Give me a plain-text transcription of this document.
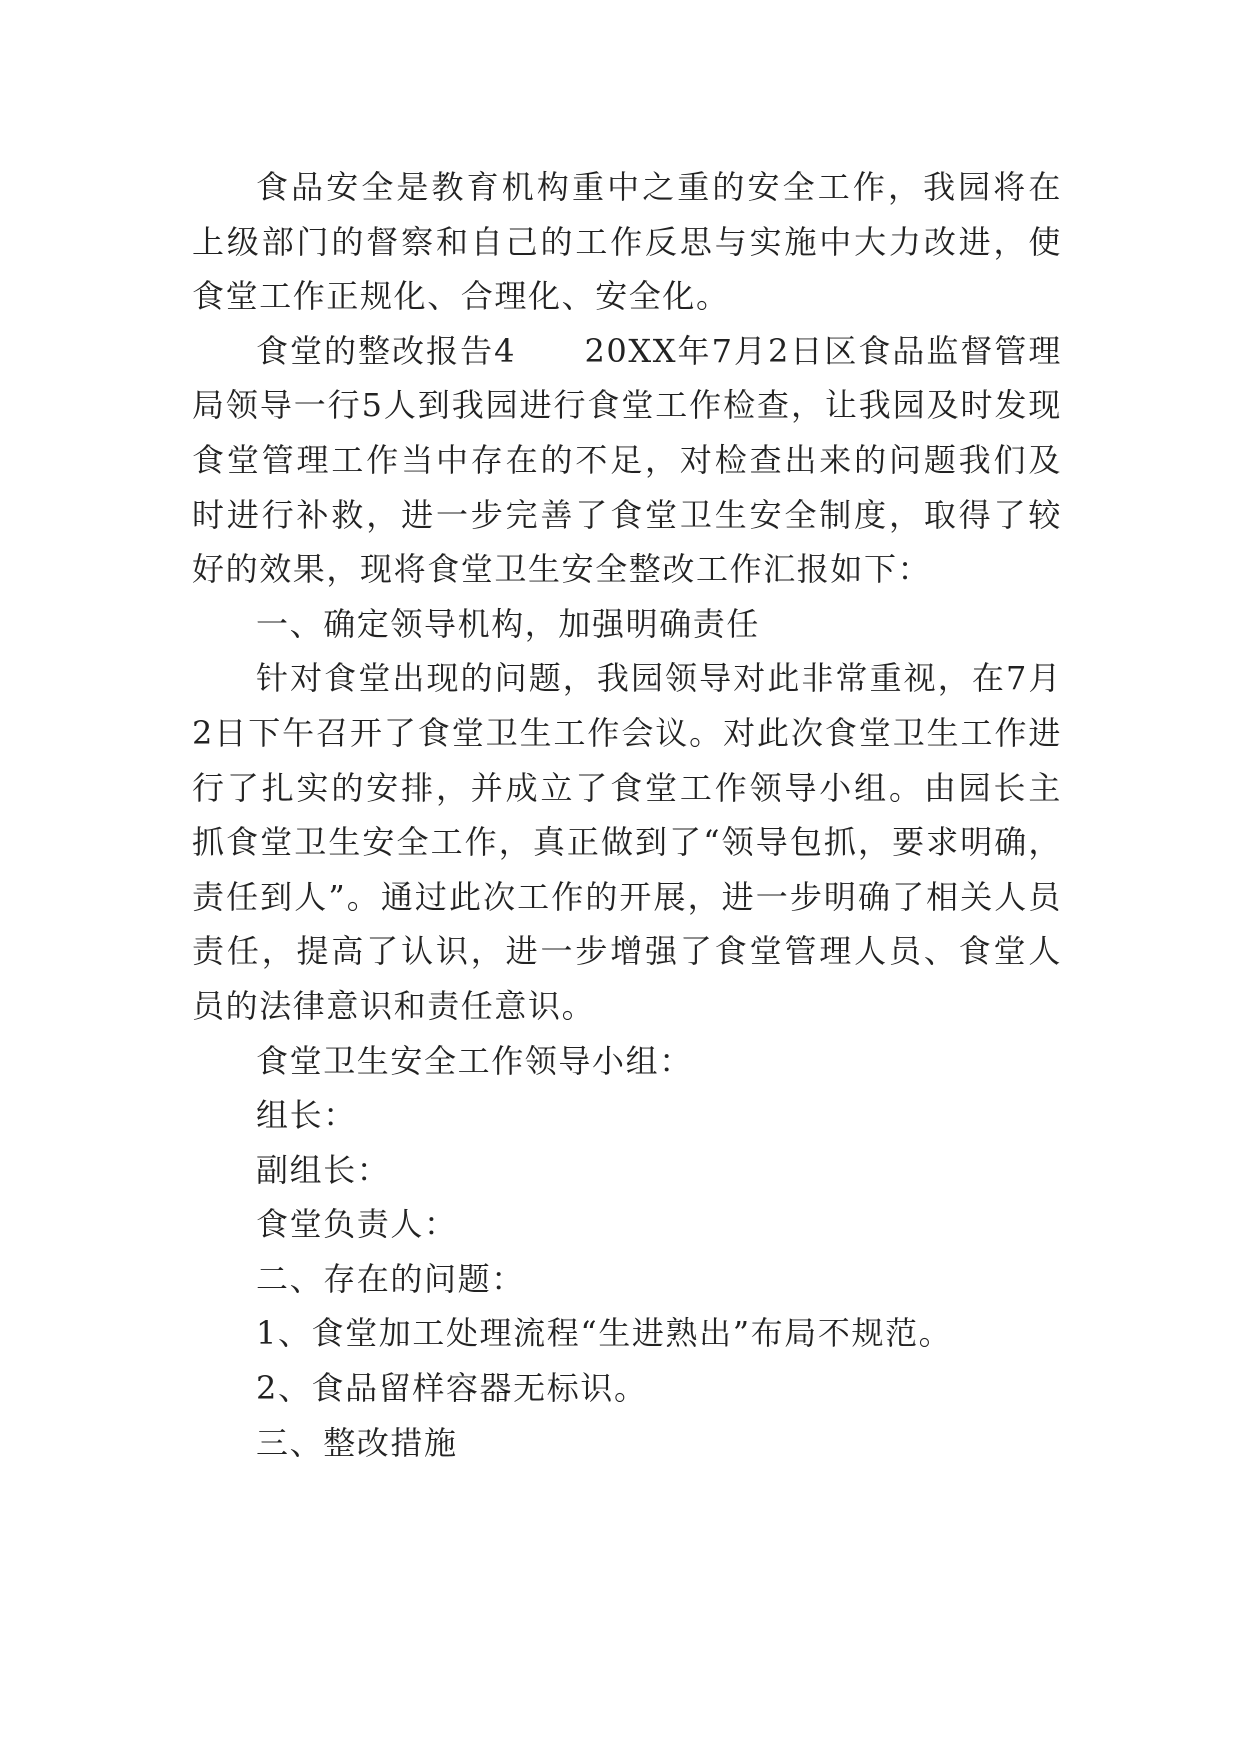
食品安全是教育机构重中之重的安全工作，我园将在上级部门的督察和自己的工作反思与实施中大力改进，使食堂工作正规化、合理化、安全化。

食堂的整改报告4　　20XX年7月2日区食品监督管理局领导一行5人到我园进行食堂工作检查，让我园及时发现食堂管理工作当中存在的不足，对检查出来的问题我们及时进行补救，进一步完善了食堂卫生安全制度，取得了较好的效果，现将食堂卫生安全整改工作汇报如下：

一、确定领导机构，加强明确责任

针对食堂出现的问题，我园领导对此非常重视，在7月2日下午召开了食堂卫生工作会议。对此次食堂卫生工作进行了扎实的安排，并成立了食堂工作领导小组。由园长主抓食堂卫生安全工作，真正做到了“领导包抓，要求明确，责任到人”。通过此次工作的开展，进一步明确了相关人员责任，提高了认识，进一步增强了食堂管理人员、食堂人员的法律意识和责任意识。

食堂卫生安全工作领导小组：

组长：

副组长：

食堂负责人：

二、存在的问题：

1、食堂加工处理流程“生进熟出”布局不规范。

2、食品留样容器无标识。

三、整改措施
